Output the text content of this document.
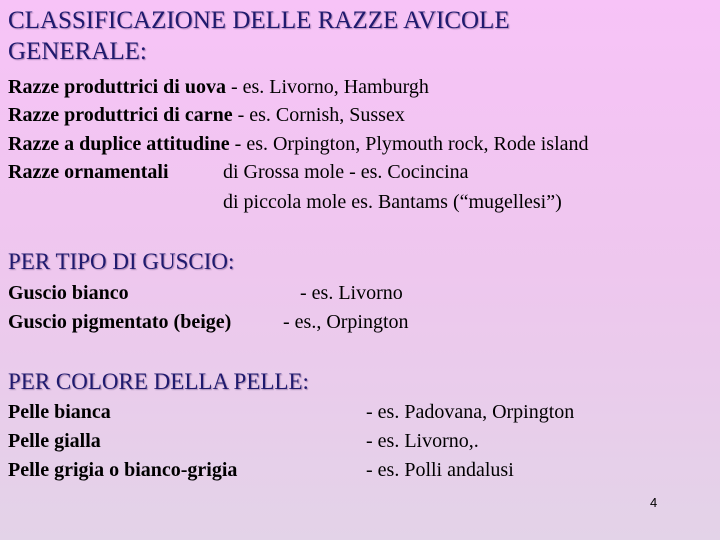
CLASSIFICAZIONE DELLE RAZZE AVICOLE
GENERALE:
Razze produttrici di uova - es. Livorno, Hamburgh
Razze produttrici di carne - es. Cornish, Sussex
Razze a duplice attitudine - es. Orpington, Plymouth rock, Rode island
Razze ornamentali	di Grossa mole - es. Cocincina
di piccola mole es. Bantams (“mugellesi”)
PER TIPO DI GUSCIO:
Guscio bianco	- es. Livorno
Guscio pigmentato (beige)	- es., Orpington
PER COLORE DELLA PELLE:
Pelle bianca	- es. Padovana, Orpington
Pelle gialla	- es. Livorno,.
Pelle grigia o bianco-grigia	- es. Polli andalusi
4
